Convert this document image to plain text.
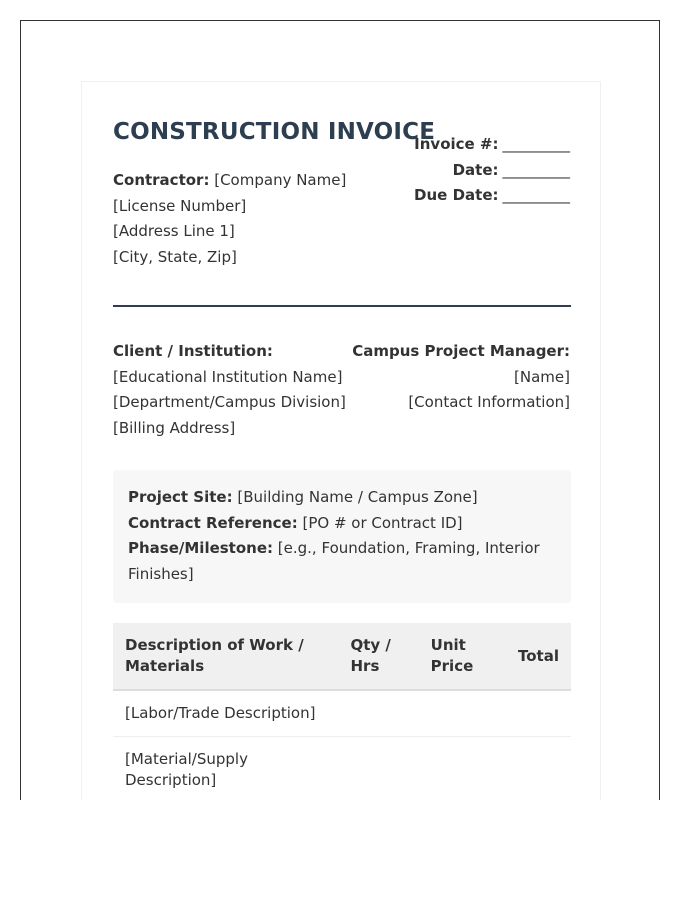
CONSTRUCTION INVOICE
Invoice #: _________
Date: _________
Due Date: _________
Contractor: [Company Name]
[License Number]
[Address Line 1]
[City, State, Zip]
Client / Institution:
[Educational Institution Name]
[Department/Campus Division]
[Billing Address]
Campus Project Manager:
[Name]
[Contact Information]
Project Site: [Building Name / Campus Zone]
Contract Reference: [PO # or Contract ID]
Phase/Milestone: [e.g., Foundation, Framing, Interior Finishes]
Description of Work / Materials	Qty / Hrs	Unit Price	Total
[Labor/Trade Description]			
[Material/Supply Description]			
